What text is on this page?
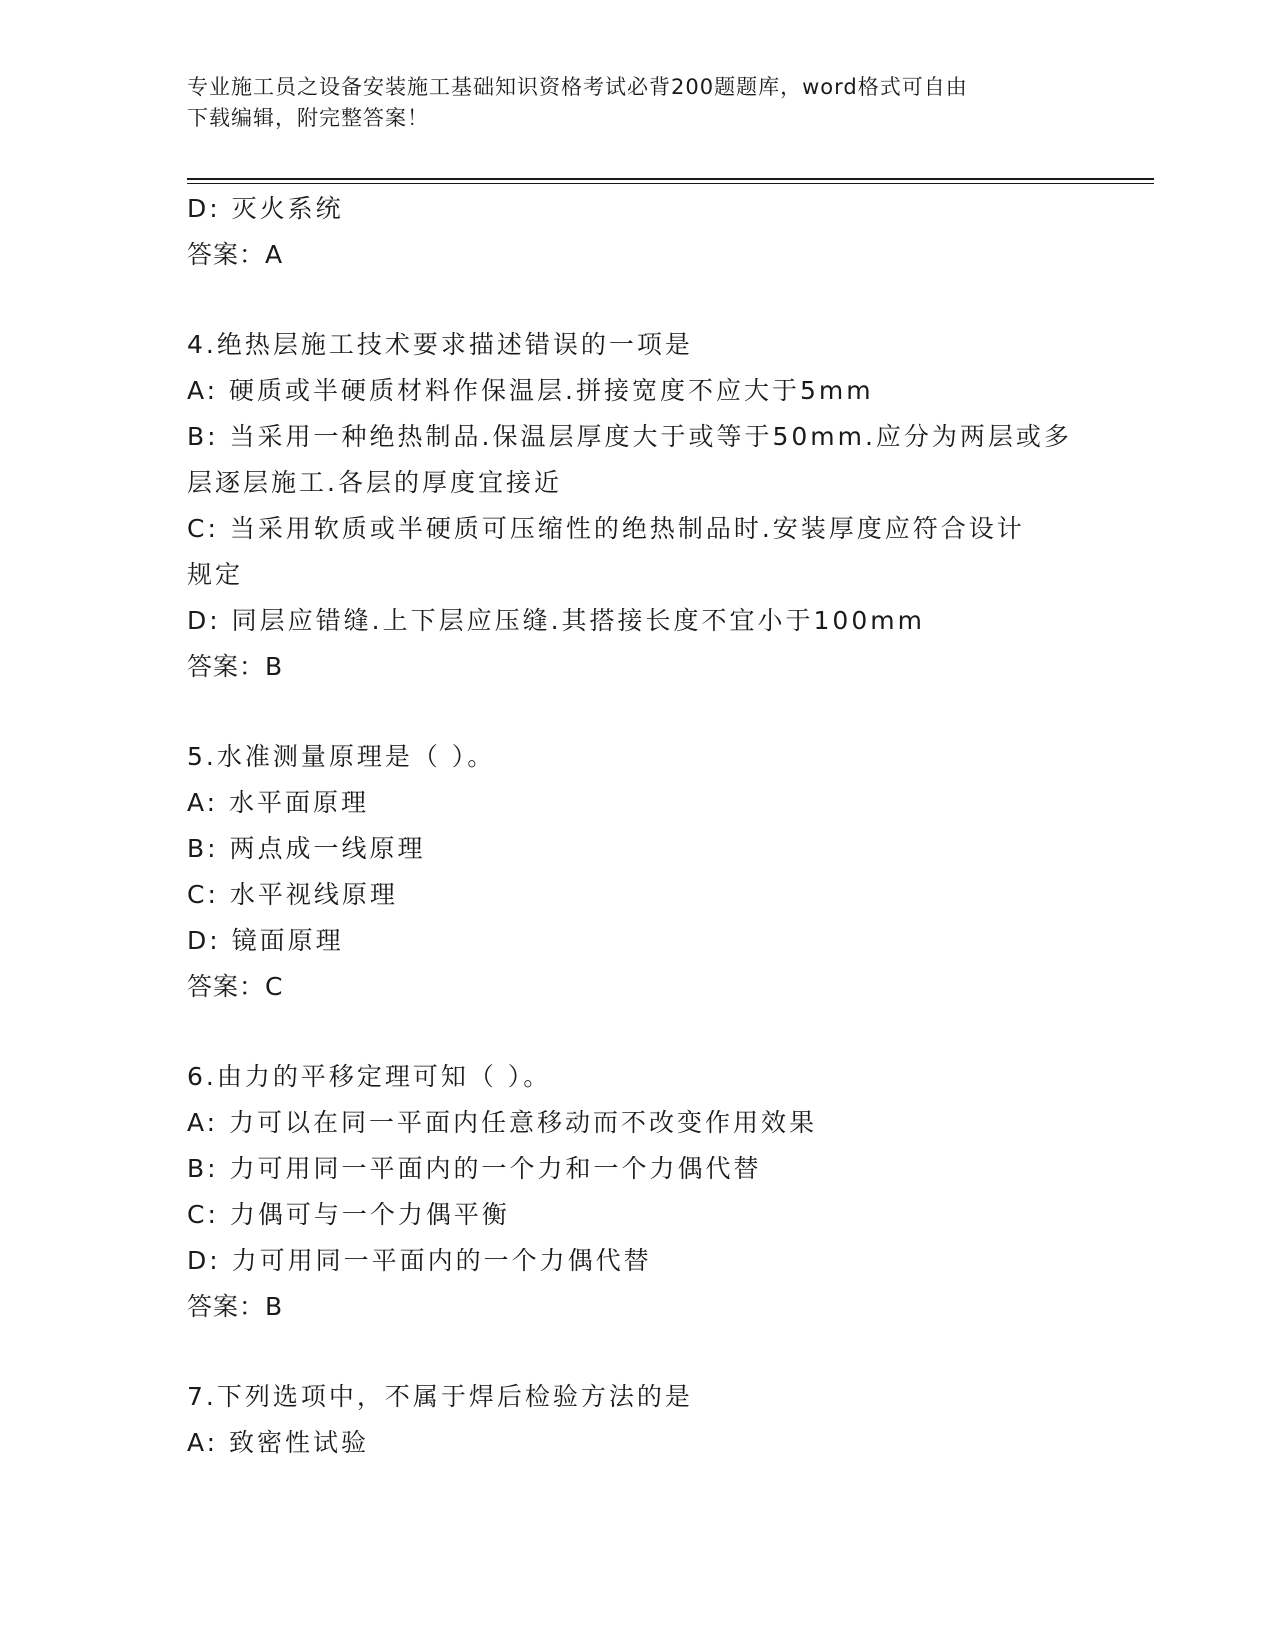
专业施工员之设备安装施工基础知识资格考试必背200题题库，word格式可自由
下载编辑，附完整答案！
D: 灭火系统
答案：A
4.绝热层施工技术要求描述错误的一项是
A: 硬质或半硬质材料作保温层.拼接宽度不应大于5mm
B: 当采用一种绝热制品.保温层厚度大于或等于50mm.应分为两层或多
层逐层施工.各层的厚度宜接近
C: 当采用软质或半硬质可压缩性的绝热制品时.安装厚度应符合设计
规定
D: 同层应错缝.上下层应压缝.其搭接长度不宜小于100mm
答案：B
5.水准测量原理是（ ）。
A: 水平面原理
B: 两点成一线原理
C: 水平视线原理
D: 镜面原理
答案：C
6.由力的平移定理可知（ ）。
A: 力可以在同一平面内任意移动而不改变作用效果
B: 力可用同一平面内的一个力和一个力偶代替
C: 力偶可与一个力偶平衡
D: 力可用同一平面内的一个力偶代替
答案：B
7.下列选项中，不属于焊后检验方法的是
A: 致密性试验
